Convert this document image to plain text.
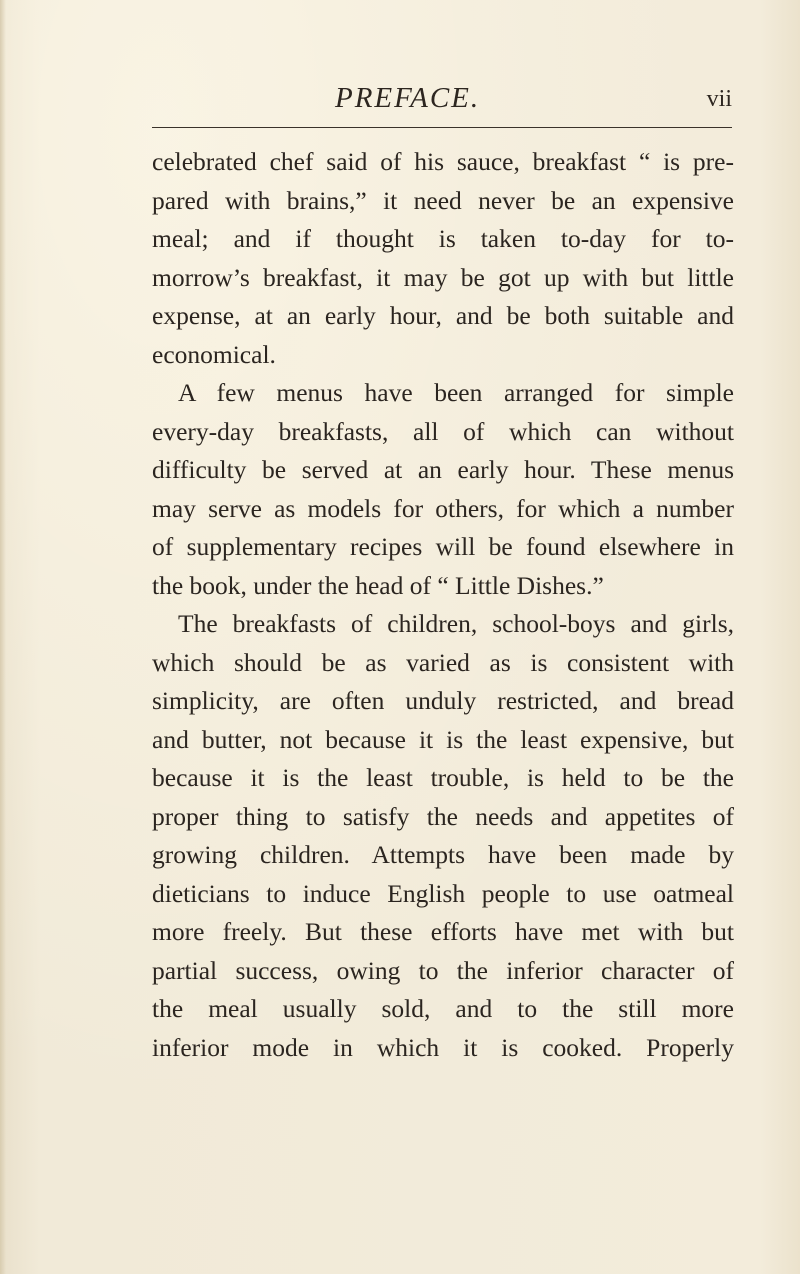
PREFACE.	vii
celebrated chef said of his sauce, breakfast “ is pre-
pared with brains,” it need never be an expensive
meal; and if thought is taken to-day for to-
morrow’s breakfast, it may be got up with but little
expense, at an early hour, and be both suitable and
economical.
A few menus have been arranged for simple
every-day breakfasts, all of which can without
difficulty be served at an early hour. These menus
may serve as models for others, for which a number
of supplementary recipes will be found elsewhere in
the book, under the head of “ Little Dishes.”
The breakfasts of children, school-boys and girls,
which should be as varied as is consistent with
simplicity, are often unduly restricted, and bread
and butter, not because it is the least expensive, but
because it is the least trouble, is held to be the
proper thing to satisfy the needs and appetites of
growing children. Attempts have been made by
dieticians to induce English people to use oatmeal
more freely. But these efforts have met with but
partial success, owing to the inferior character of
the meal usually sold, and to the still more
inferior mode in which it is cooked. Properly
